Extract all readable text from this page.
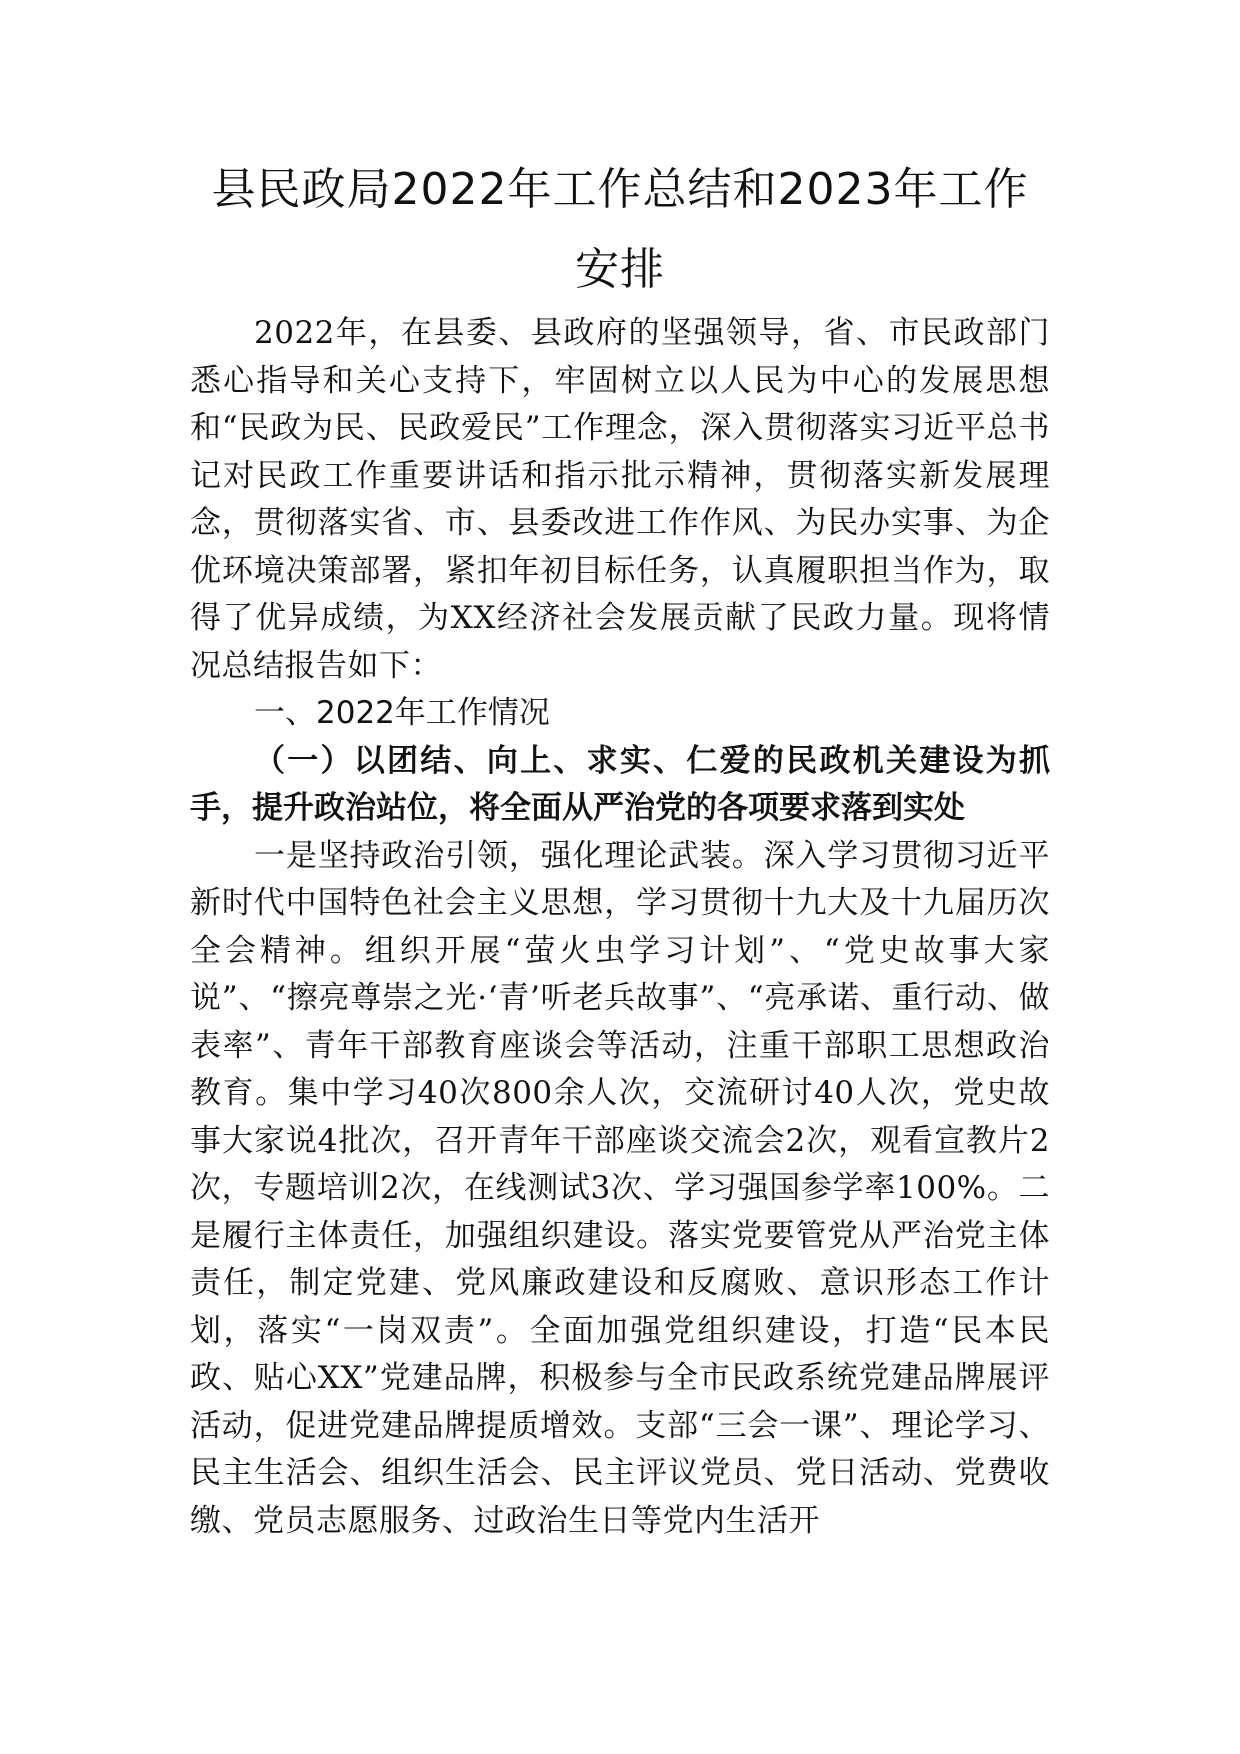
县民政局2022年工作总结和2023年工作安排

2022年，在县委、县政府的坚强领导，省、市民政部门悉心指导和关心支持下，牢固树立以人民为中心的发展思想和“民政为民、民政爱民”工作理念，深入贯彻落实习近平总书记对民政工作重要讲话和指示批示精神，贯彻落实新发展理念，贯彻落实省、市、县委改进工作作风、为民办实事、为企优环境决策部署，紧扣年初目标任务，认真履职担当作为，取得了优异成绩，为XX经济社会发展贡献了民政力量。现将情况总结报告如下：

一、2022年工作情况

（一）以团结、向上、求实、仁爱的民政机关建设为抓手，提升政治站位，将全面从严治党的各项要求落到实处

一是坚持政治引领，强化理论武装。深入学习贯彻习近平新时代中国特色社会主义思想，学习贯彻十九大及十九届历次全会精神。组织开展“萤火虫学习计划”、“党史故事大家说”、“擦亮尊崇之光·‘青’听老兵故事”、“亮承诺、重行动、做表率”、青年干部教育座谈会等活动，注重干部职工思想政治教育。集中学习40次800余人次，交流研讨40人次，党史故事大家说4批次，召开青年干部座谈交流会2次，观看宣教片2次，专题培训2次，在线测试3次、学习强国参学率100%。二是履行主体责任，加强组织建设。落实党要管党从严治党主体责任，制定党建、党风廉政建设和反腐败、意识形态工作计划，落实“一岗双责”。全面加强党组织建设，打造“民本民政、贴心XX”党建品牌，积极参与全市民政系统党建品牌展评活动，促进党建品牌提质增效。支部“三会一课”、理论学习、民主生活会、组织生活会、民主评议党员、党日活动、党费收缴、党员志愿服务、过政治生日等党内生活开
